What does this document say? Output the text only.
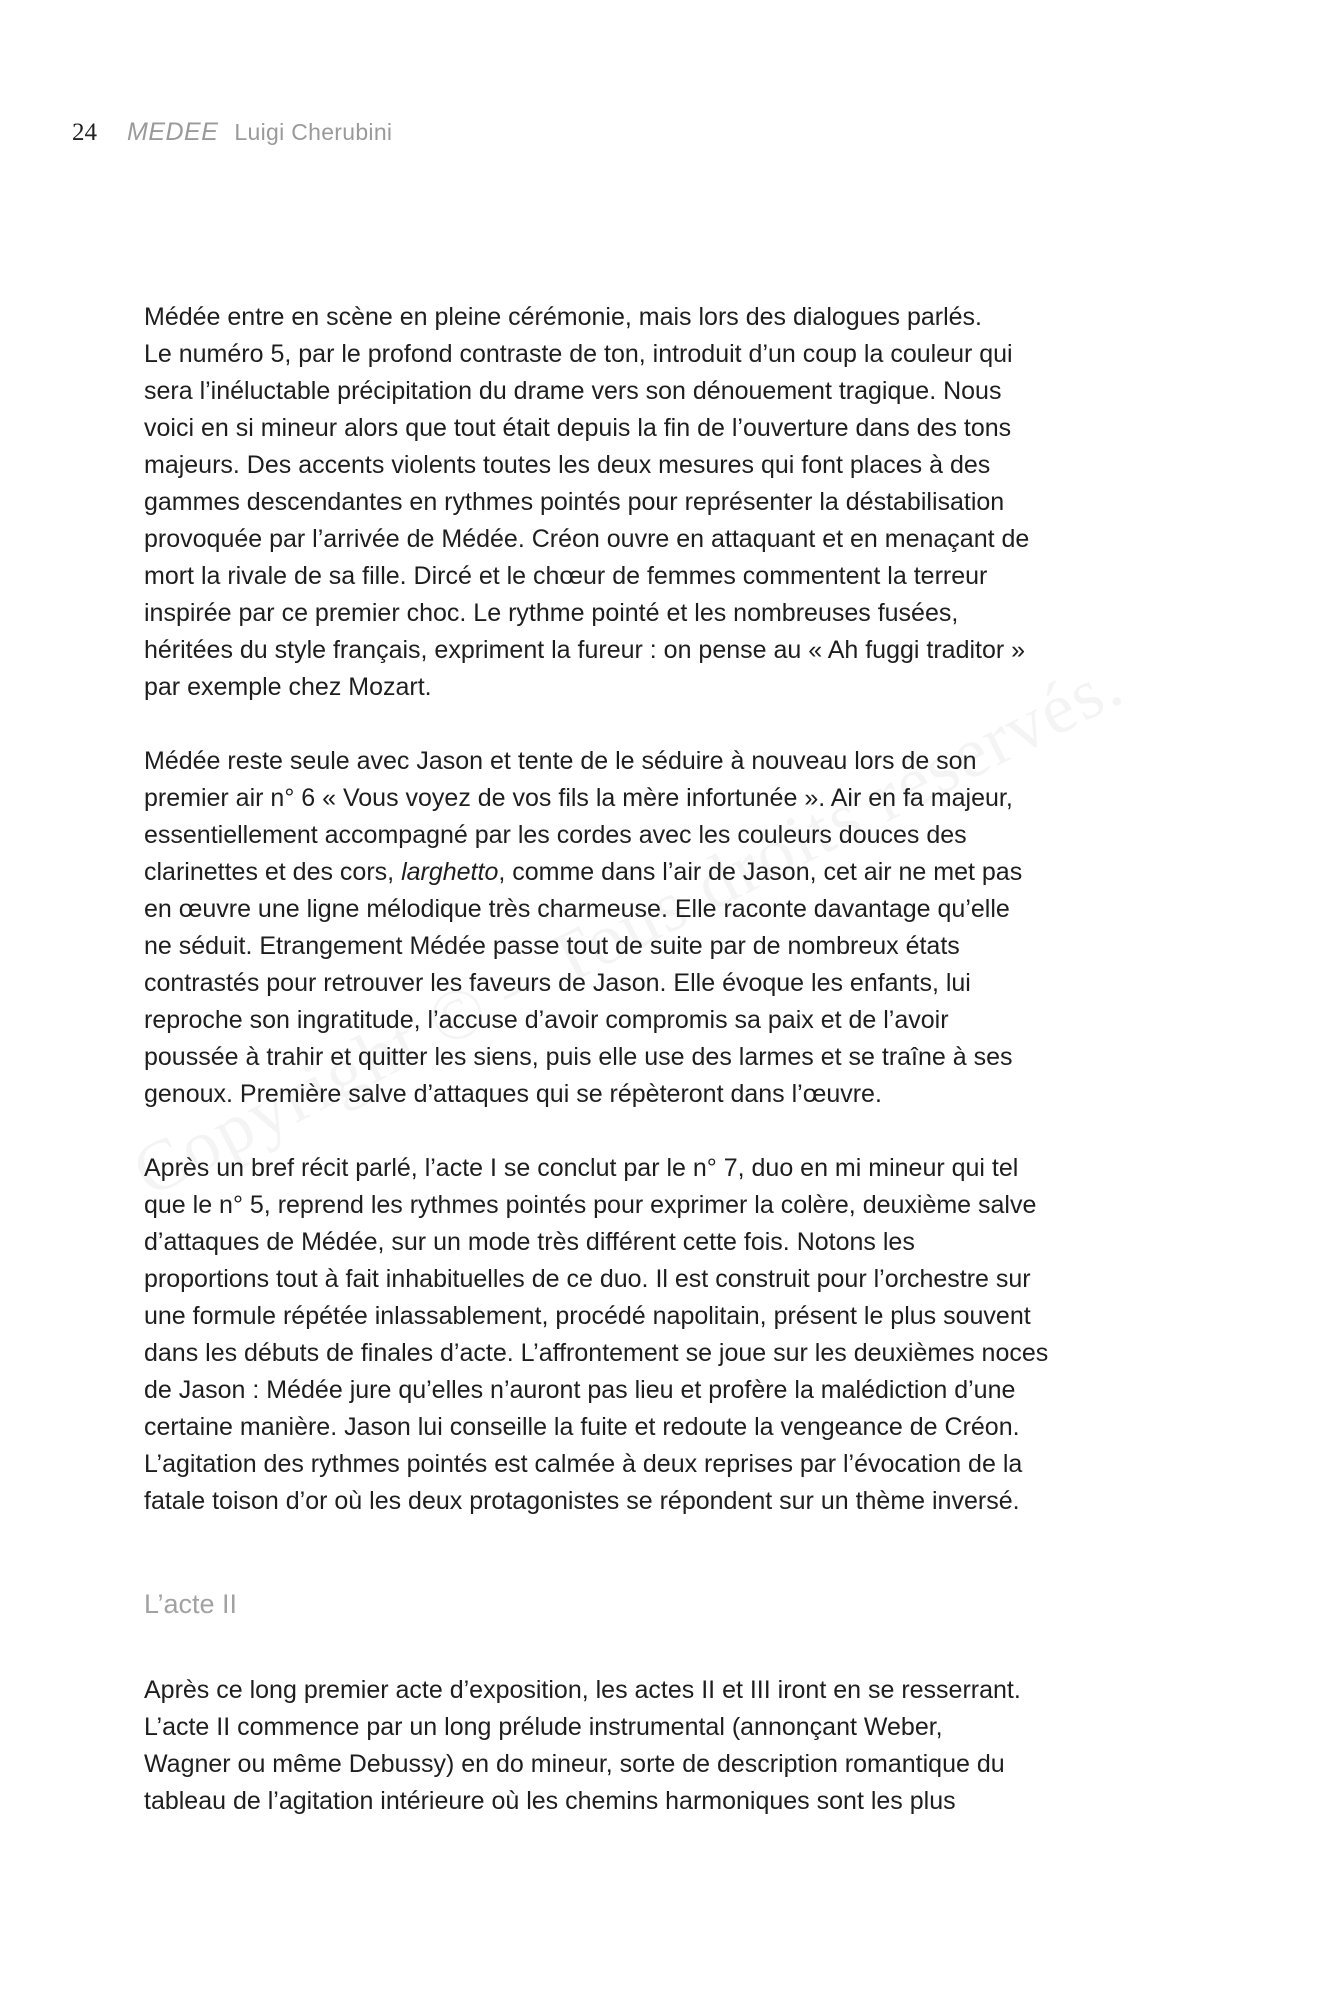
24 MEDEE Luigi Cherubini

Médée entre en scène en pleine cérémonie, mais lors des dialogues parlés.
Le numéro 5, par le profond contraste de ton, introduit d’un coup la couleur qui
sera l’inéluctable précipitation du drame vers son dénouement tragique. Nous
voici en si mineur alors que tout était depuis la fin de l’ouverture dans des tons
majeurs. Des accents violents toutes les deux mesures qui font places à des
gammes descendantes en rythmes pointés pour représenter la déstabilisation
provoquée par l’arrivée de Médée. Créon ouvre en attaquant et en menaçant de
mort la rivale de sa fille. Dircé et le chœur de femmes commentent la terreur
inspirée par ce premier choc. Le rythme pointé et les nombreuses fusées,
héritées du style français, expriment la fureur : on pense au « Ah fuggi traditor »
par exemple chez Mozart.

Médée reste seule avec Jason et tente de le séduire à nouveau lors de son
premier air n° 6 « Vous voyez de vos fils la mère infortunée ». Air en fa majeur,
essentiellement accompagné par les cordes avec les couleurs douces des
clarinettes et des cors, larghetto, comme dans l’air de Jason, cet air ne met pas
en œuvre une ligne mélodique très charmeuse. Elle raconte davantage qu’elle
ne séduit. Etrangement Médée passe tout de suite par de nombreux états
contrastés pour retrouver les faveurs de Jason. Elle évoque les enfants, lui
reproche son ingratitude, l’accuse d’avoir compromis sa paix et de l’avoir
poussée à trahir et quitter les siens, puis elle use des larmes et se traîne à ses
genoux. Première salve d’attaques qui se répèteront dans l’œuvre.

Après un bref récit parlé, l’acte I se conclut par le n° 7, duo en mi mineur qui tel
que le n° 5, reprend les rythmes pointés pour exprimer la colère, deuxième salve
d’attaques de Médée, sur un mode très différent cette fois. Notons les
proportions tout à fait inhabituelles de ce duo. Il est construit pour l’orchestre sur
une formule répétée inlassablement, procédé napolitain, présent le plus souvent
dans les débuts de finales d’acte. L’affrontement se joue sur les deuxièmes noces
de Jason : Médée jure qu’elles n’auront pas lieu et profère la malédiction d’une
certaine manière. Jason lui conseille la fuite et redoute la vengeance de Créon.
L’agitation des rythmes pointés est calmée à deux reprises par l’évocation de la
fatale toison d’or où les deux protagonistes se répondent sur un thème inversé.

L’acte II

Après ce long premier acte d’exposition, les actes II et III iront en se resserrant.
L’acte II commence par un long prélude instrumental (annonçant Weber,
Wagner ou même Debussy) en do mineur, sorte de description romantique du
tableau de l’agitation intérieure où les chemins harmoniques sont les plus
